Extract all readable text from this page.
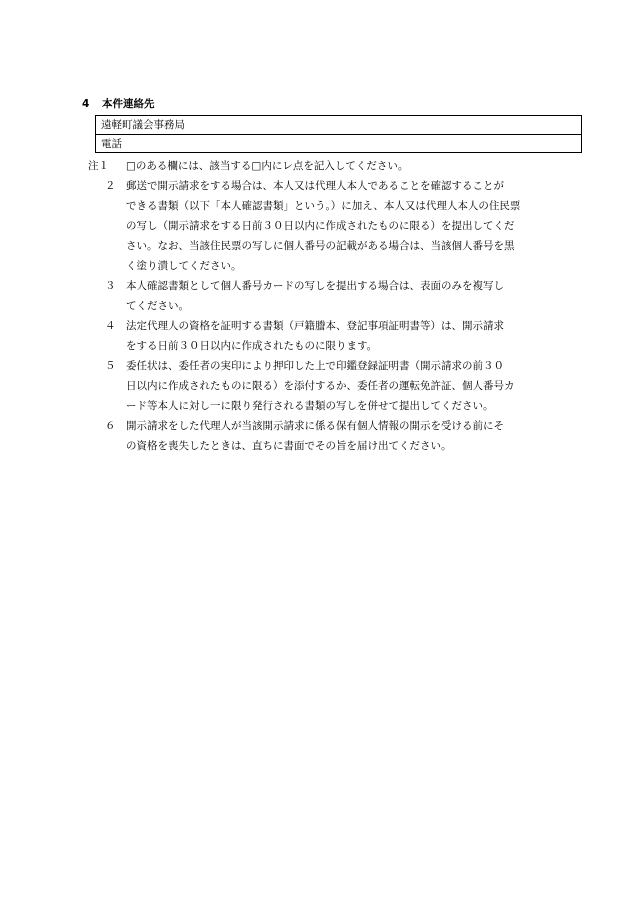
4 本件連絡先
遠軽町議会事務局
電話
注１ □のある欄には、該当する□内にレ点を記入してください。
２ 郵送で開示請求をする場合は、本人又は代理人本人であることを確認することが
できる書類（以下「本人確認書類」という。）に加え、本人又は代理人本人の住民票
の写し（開示請求をする日前３０日以内に作成されたものに限る）を提出してくだ
さい。なお、当該住民票の写しに個人番号の記載がある場合は、当該個人番号を黒
く塗り潰してください。
３ 本人確認書類として個人番号カードの写しを提出する場合は、表面のみを複写し
てください。
４ 法定代理人の資格を証明する書類（戸籍謄本、登記事項証明書等）は、開示請求
をする日前３０日以内に作成されたものに限ります。
５ 委任状は、委任者の実印により押印した上で印鑑登録証明書（開示請求の前３０
日以内に作成されたものに限る）を添付するか、委任者の運転免許証、個人番号カ
ード等本人に対し一に限り発行される書類の写しを併せて提出してください。
６ 開示請求をした代理人が当該開示請求に係る保有個人情報の開示を受ける前にそ
の資格を喪失したときは、直ちに書面でその旨を届け出てください。
